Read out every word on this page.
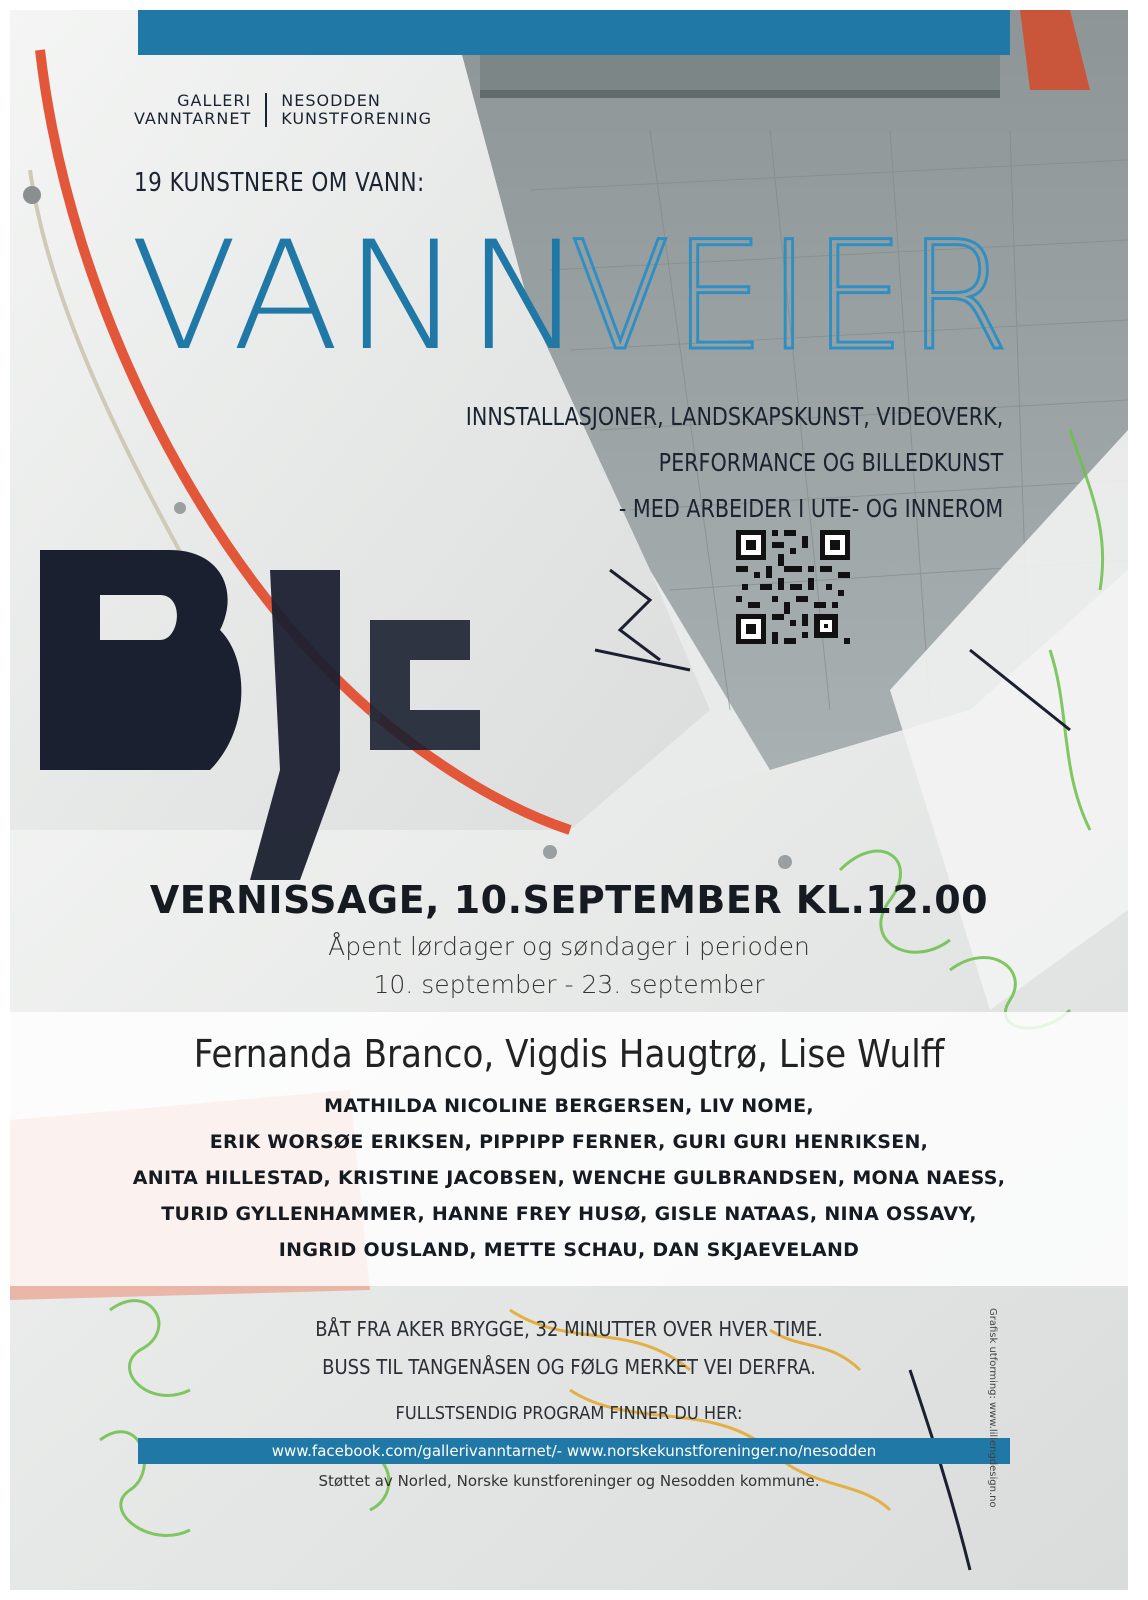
GALLERI
VANNTARNET
NESODDEN
KUNSTFORENING
19 KUNSTNERE OM VANN:
VANN
VEIER
INNSTALLASJONER, LANDSKAPSKUNST, VIDEOVERK,
PERFORMANCE OG BILLEDKUNST
- MED ARBEIDER I UTE- OG INNEROM
VERNISSAGE, 10.SEPTEMBER KL.12.00
Åpent lørdager og søndager i perioden
10. september - 23. september
Fernanda Branco, Vigdis Haugtrø, Lise Wulff
MATHILDA NICOLINE BERGERSEN, LIV NOME,
ERIK WORSØE ERIKSEN, PIPPIPP FERNER, GURI GURI HENRIKSEN,
ANITA HILLESTAD, KRISTINE JACOBSEN, WENCHE GULBRANDSEN, MONA NAESS,
TURID GYLLENHAMMER, HANNE FREY HUSØ, GISLE NATAAS, NINA OSSAVY,
INGRID OUSLAND, METTE SCHAU, DAN SKJAEVELAND
BÅT FRA AKER BRYGGE, 32 MINUTTER OVER HVER TIME.
BUSS TIL TANGENÅSEN OG FØLG MERKET VEI DERFRA.
FULLSTSENDIG PROGRAM FINNER DU HER:
www.facebook.com/gallerivanntarnet/- www.norskekunstforeninger.no/nesodden
Støttet av Norled, Norske kunstforeninger og Nesodden kommune.	Grafisk utforming: www.liliengdesign.no
